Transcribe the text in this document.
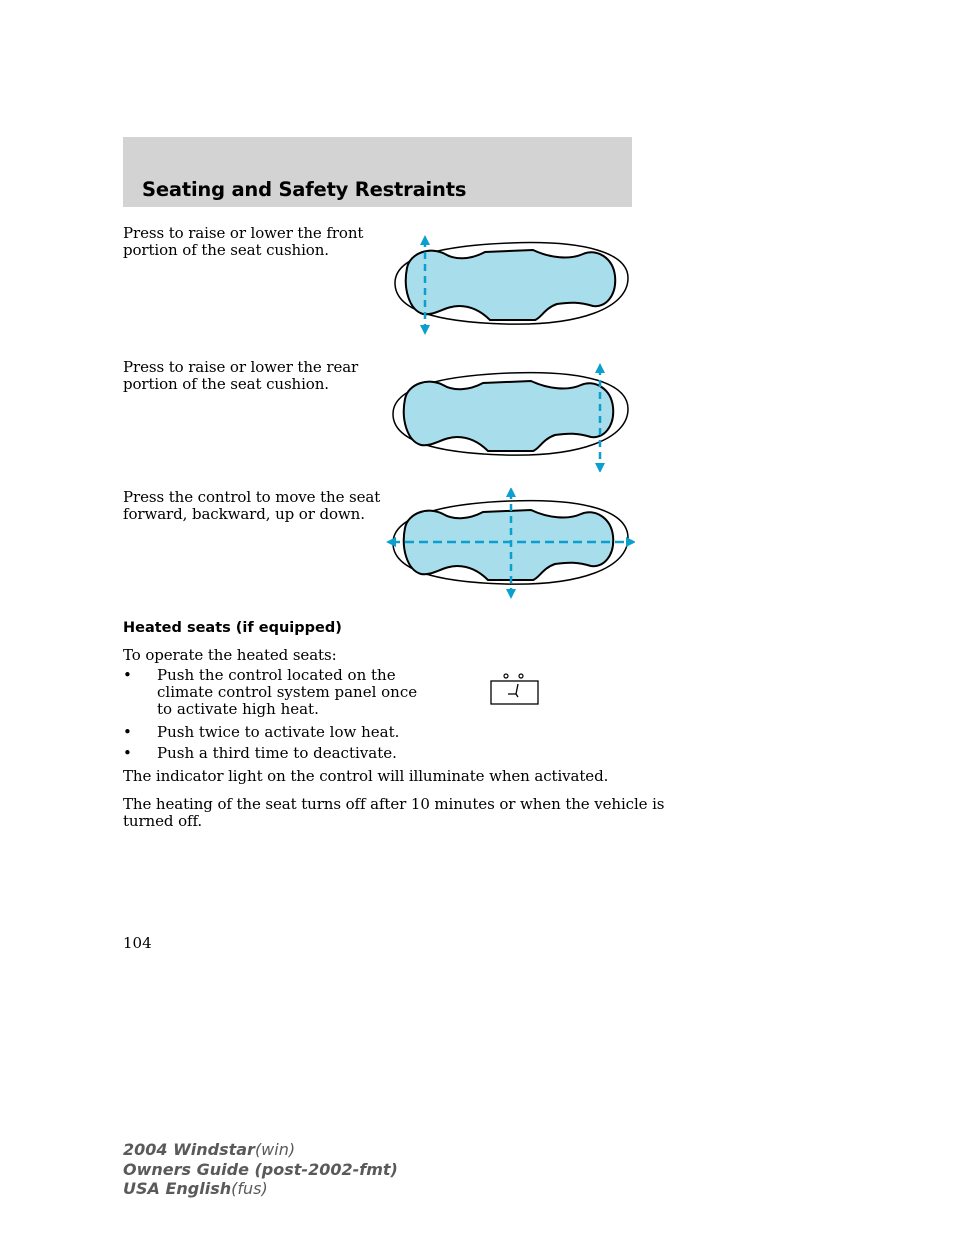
Seating and Safety Restraints
Press to raise or lower the front
portion of the seat cushion.
Press to raise or lower the rear
portion of the seat cushion.
Press the control to move the seat
forward, backward, up or down.
Heated seats (if equipped)
To operate the heated seats:
• Push the control located on the
climate control system panel once
to activate high heat.
• Push twice to activate low heat.
• Push a third time to deactivate.
The indicator light on the control will illuminate when activated.
The heating of the seat turns off after 10 minutes or when the vehicle is
turned off.
104
2004 Windstar(win)
Owners Guide (post-2002-fmt)
USA English(fus)
